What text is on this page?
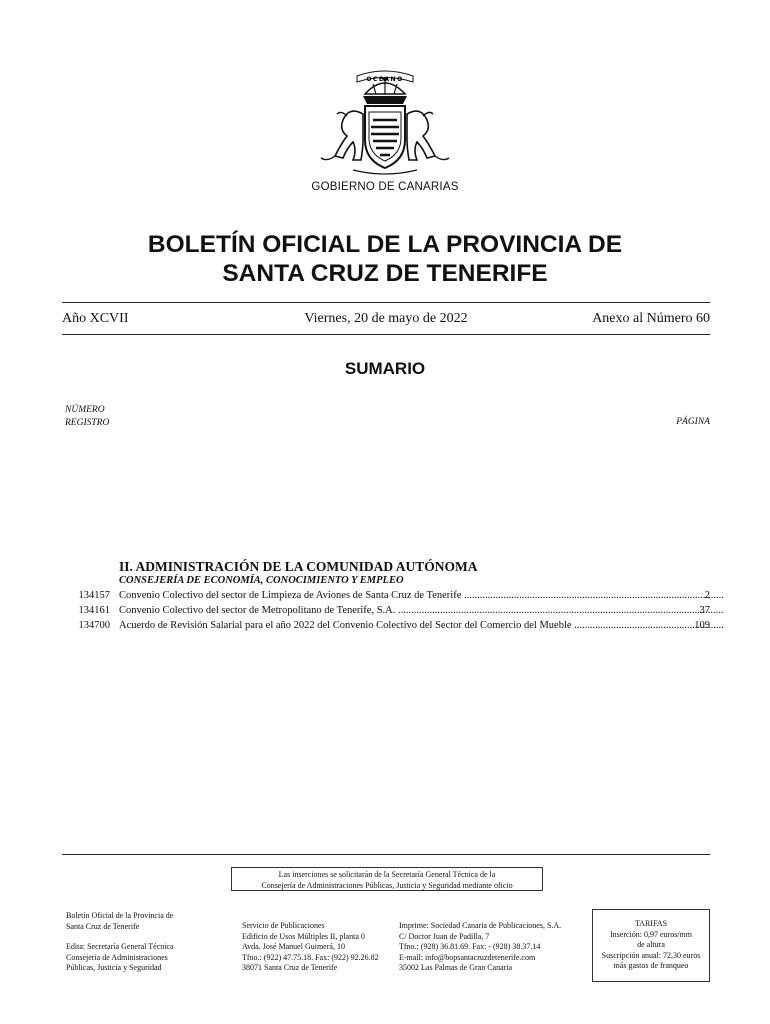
OCEANO
GOBIERNO DE CANARIAS
BOLETÍN OFICIAL DE LA PROVINCIA DE
SANTA CRUZ DE TENERIFE
Año XCVII	Viernes, 20 de mayo de 2022	Anexo al Número 60
SUMARIO
NÚMERO
REGISTRO	PÁGINA
II. ADMINISTRACIÓN DE LA COMUNIDAD AUTÓNOMA
CONSEJERÍA DE ECONOMÍA, CONOCIMIENTO Y EMPLEO
134157 Convenio Colectivo del sector de Limpieza de Aviones de Santa Cruz de Tenerife .....	2
134161 Convenio Colectivo del sector de Metropolitano de Tenerife, S.A. .....	37
134700 Acuerdo de Revisión Salarial para el año 2022 del Convenio Colectivo del Sector del Comercio del Mueble .....	109
Las inserciones se solicitarán de la Secretaría General Técnica de la
Consejería de Administraciones Públicas, Justicia y Seguridad mediante oficio
Boletín Oficial de la Provincia de
Santa Cruz de Tenerife
Edita: Secretaría General Técnica
Consejería de Administraciones
Públicas, Justicia y Seguridad
Servicio de Publicaciones
Edificio de Usos Múltiples II, planta 0
Avda. José Manuel Guimerá, 10
Tfno.: (922) 47.75.18. Fax: (922) 92.26.82
38071 Santa Cruz de Tenerife
Imprime: Sociedad Canaria de Publicaciones, S.A.
C/ Doctor Juan de Padilla, 7
Tfno.: (928) 36.81.69. Fax: - (928) 38.37.14
E-mail: info@bopsantacruzdetenerife.com
35002 Las Palmas de Gran Canaria
TARIFAS
Inserción: 0,97 euros/mm
de altura
Suscripción anual: 72,30 euros
más gastos de franqueo
